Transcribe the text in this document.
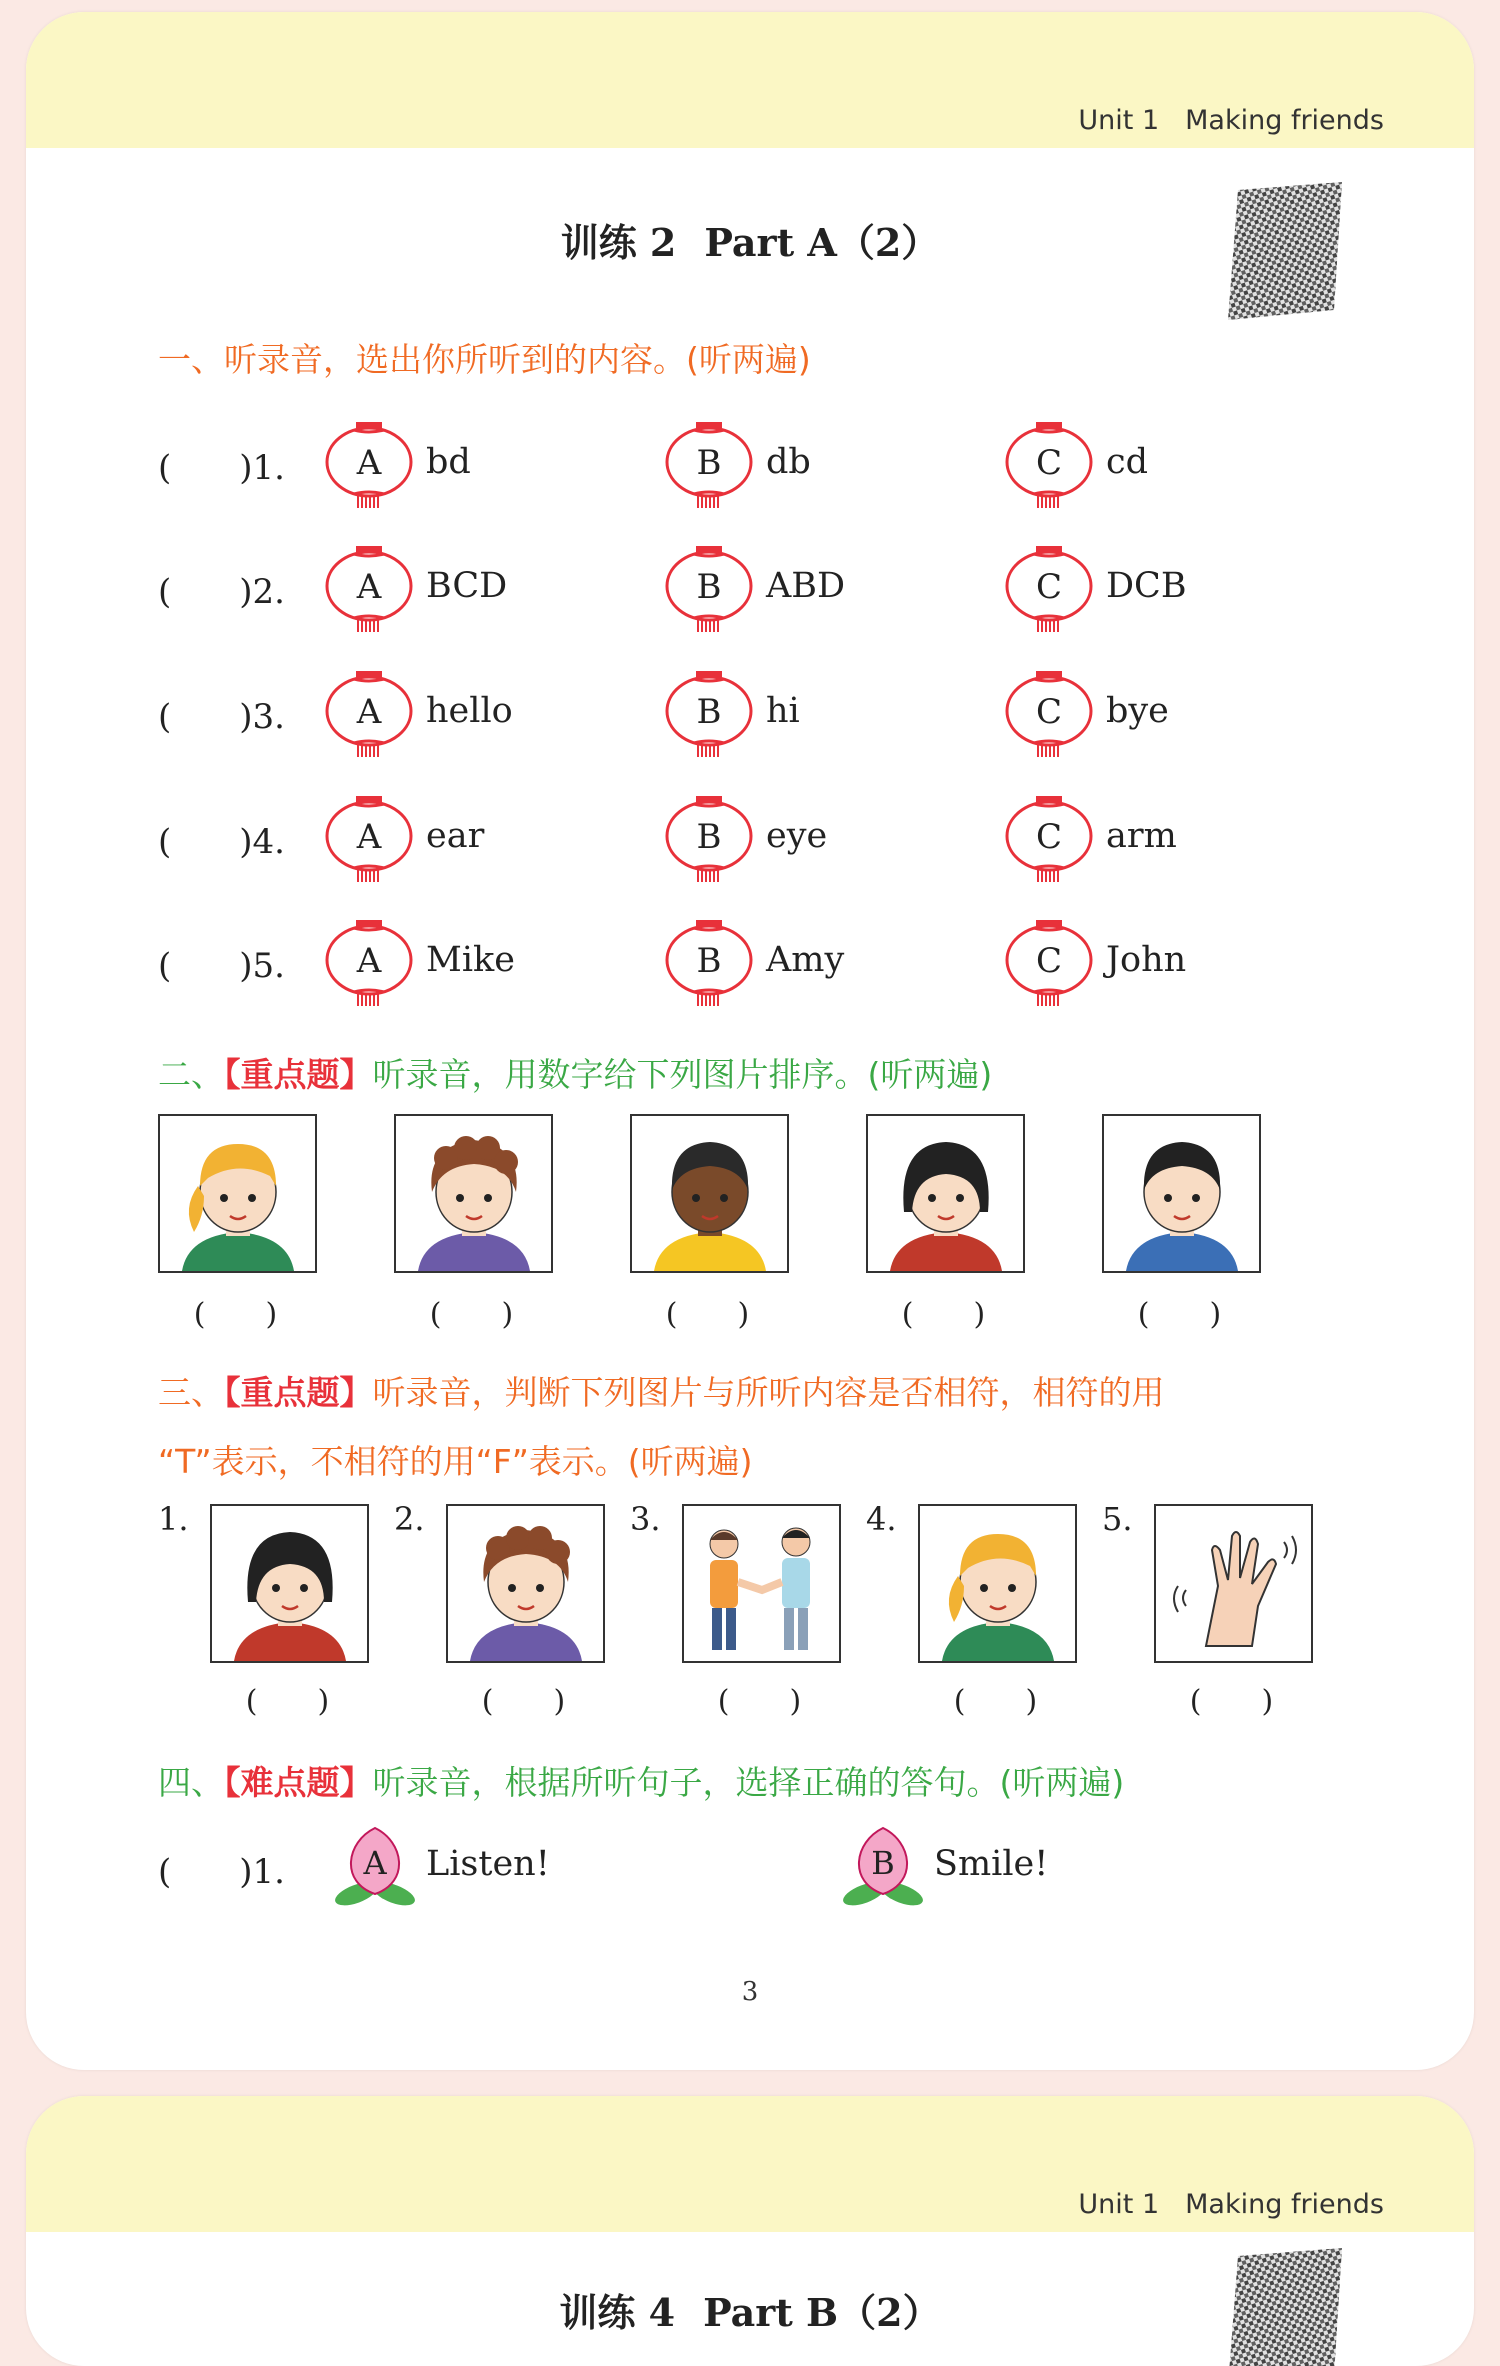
Unit 1 Making friends
训练 2 Part A（2）
一、听录音，选出你所听到的内容。(听两遍)
(　　)1. A bd	B db	C cd
(　　)2. A BCD	B ABD	C DCB
(　　)3. A hello	B hi	C bye
(　　)4. A ear	B eye	C arm
(　　)5. A Mike	B Amy	C John
二、【重点题】听录音，用数字给下列图片排序。(听两遍)
(　　)	(　　)	(　　)	(　　)	(　　)
三、【重点题】听录音，判断下列图片与所听内容是否相符，相符的用
“T”表示，不相符的用“F”表示。(听两遍)
1.
(　　)
2.
(　　)
3.
(　　)
4.
(　　)
5.
(　　)
四、【难点题】听录音，根据所听句子，选择正确的答句。(听两遍)
(　　)1. A Listen!	B Smile!
3
Unit 1 Making friends
训练 4 Part B（2）
